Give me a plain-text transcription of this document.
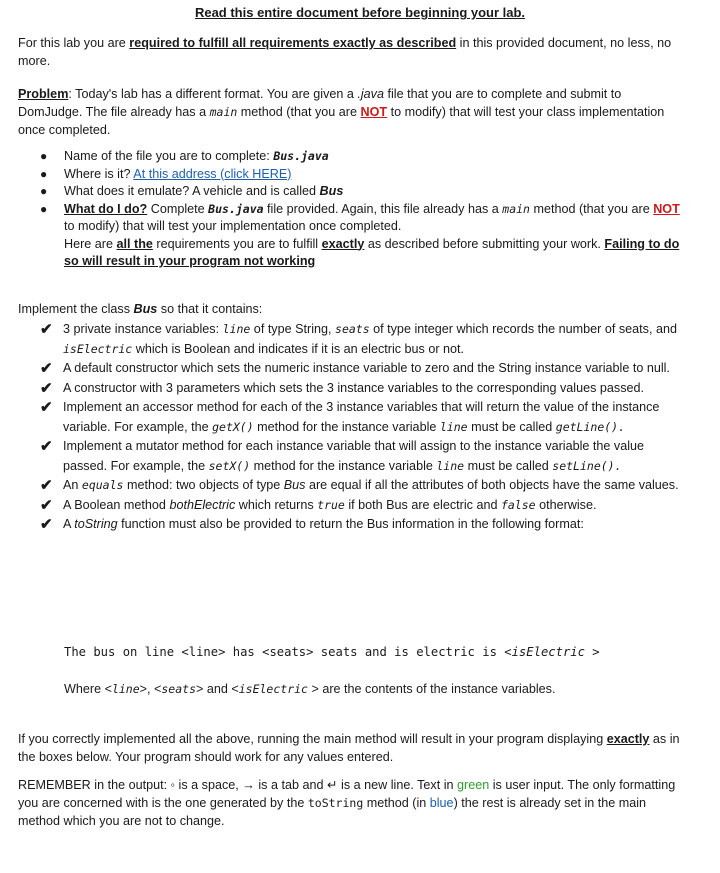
Read this entire document before beginning your lab.
For this lab you are required to fulfill all requirements exactly as described in this provided document, no less, no more.
Problem: Today's lab has a different format. You are given a .java file that you are to complete and submit to DomJudge. The file already has a main method (that you are NOT to modify) that will test your class implementation once completed.
● Name of the file you are to complete: Bus.java
● Where is it? At this address (click HERE)
● What does it emulate? A vehicle and is called Bus
● What do I do? Complete Bus.java file provided. Again, this file already has a main method (that you are NOT to modify) that will test your implementation once completed.
Here are all the requirements you are to fulfill exactly as described before submitting your work. Failing to do so will result in your program not working
Implement the class Bus so that it contains:
✔ 3 private instance variables: line of type String, seats of type integer which records the number of seats, and isElectric which is Boolean and indicates if it is an electric bus or not.
✔ A default constructor which sets the numeric instance variable to zero and the String instance variable to null.
✔ A constructor with 3 parameters which sets the 3 instance variables to the corresponding values passed.
✔ Implement an accessor method for each of the 3 instance variables that will return the value of the instance variable. For example, the getX() method for the instance variable line must be called getLine().
✔ Implement a mutator method for each instance variable that will assign to the instance variable the value passed. For example, the setX() method for the instance variable line must be called setLine().
✔ An equals method: two objects of type Bus are equal if all the attributes of both objects have the same values.
✔ A Boolean method bothElectric which returns true if both Bus are electric and false otherwise.
✔ A toString function must also be provided to return the Bus information in the following format:
The bus on line <line> has <seats> seats and is electric is <isElectric >
Where <line>, <seats> and <isElectric > are the contents of the instance variables.
If you correctly implemented all the above, running the main method will result in your program displaying exactly as in the boxes below. Your program should work for any values entered.
REMEMBER in the output: ◦ is a space, → is a tab and ↵ is a new line. Text in green is user input. The only formatting you are concerned with is the one generated by the toString method (in blue) the rest is already set in the main method which you are not to change.
